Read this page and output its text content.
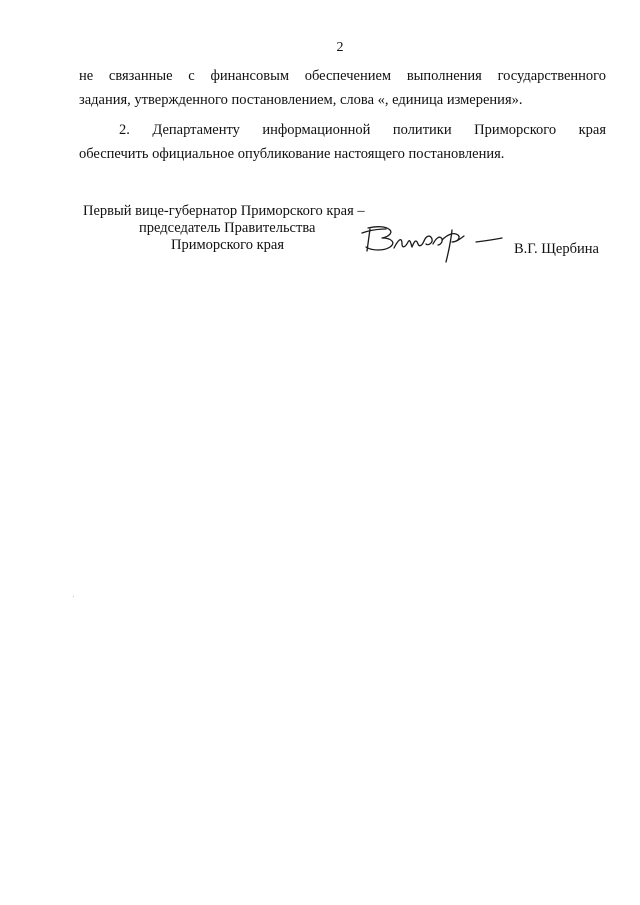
2
не связанные с финансовым обеспечением выполнения государственного
задания, утвержденного постановлением, слова «, единица измерения».
2. Департаменту информационной политики Приморского края
обеспечить официальное опубликование настоящего постановления.
Первый вице-губернатор Приморского края –
председатель Правительства
Приморского края	В.Г. Щербина
